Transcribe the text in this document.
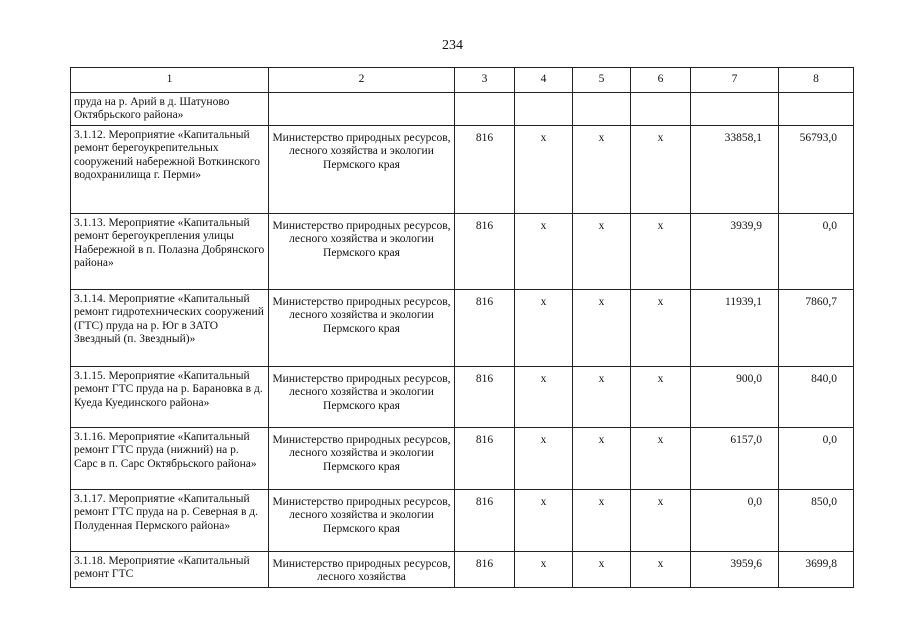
234
1	2	3	4	5	6	7	8
пруда на р. Арий в д. Шатуново Октябрьского района»							
3.1.12. Мероприятие «Капитальный ремонт берегоукрепительных сооружений набережной Воткинского водохранилища г. Перми»	Министерство природных ресурсов, лесного хозяйства и экологии Пермского края	816	х	х	х	33858,1	56793,0
3.1.13. Мероприятие «Капитальный ремонт берегоукрепления улицы Набережной в п. Полазна Добрянского района»	Министерство природных ресурсов, лесного хозяйства и экологии Пермского края	816	х	х	х	3939,9	0,0
3.1.14. Мероприятие «Капитальный ремонт гидротехнических сооружений (ГТС) пруда на р. Юг в ЗАТО Звездный (п. Звездный)»	Министерство природных ресурсов, лесного хозяйства и экологии Пермского края	816	х	х	х	11939,1	7860,7
3.1.15. Мероприятие «Капитальный ремонт ГТС пруда на р. Барановка в д. Куеда Куединского района»	Министерство природных ресурсов, лесного хозяйства и экологии Пермского края	816	х	х	х	900,0	840,0
3.1.16. Мероприятие «Капитальный ремонт ГТС пруда (нижний) на р. Сарс в п. Сарс Октябрьского района»	Министерство природных ресурсов, лесного хозяйства и экологии Пермского края	816	х	х	х	6157,0	0,0
3.1.17. Мероприятие «Капитальный ремонт ГТС пруда на р. Северная в д. Полуденная Пермского района»	Министерство природных ресурсов, лесного хозяйства и экологии Пермского края	816	х	х	х	0,0	850,0
3.1.18. Мероприятие «Капитальный ремонт ГТС	Министерство природных ресурсов, лесного хозяйства	816	х	х	х	3959,6	3699,8
